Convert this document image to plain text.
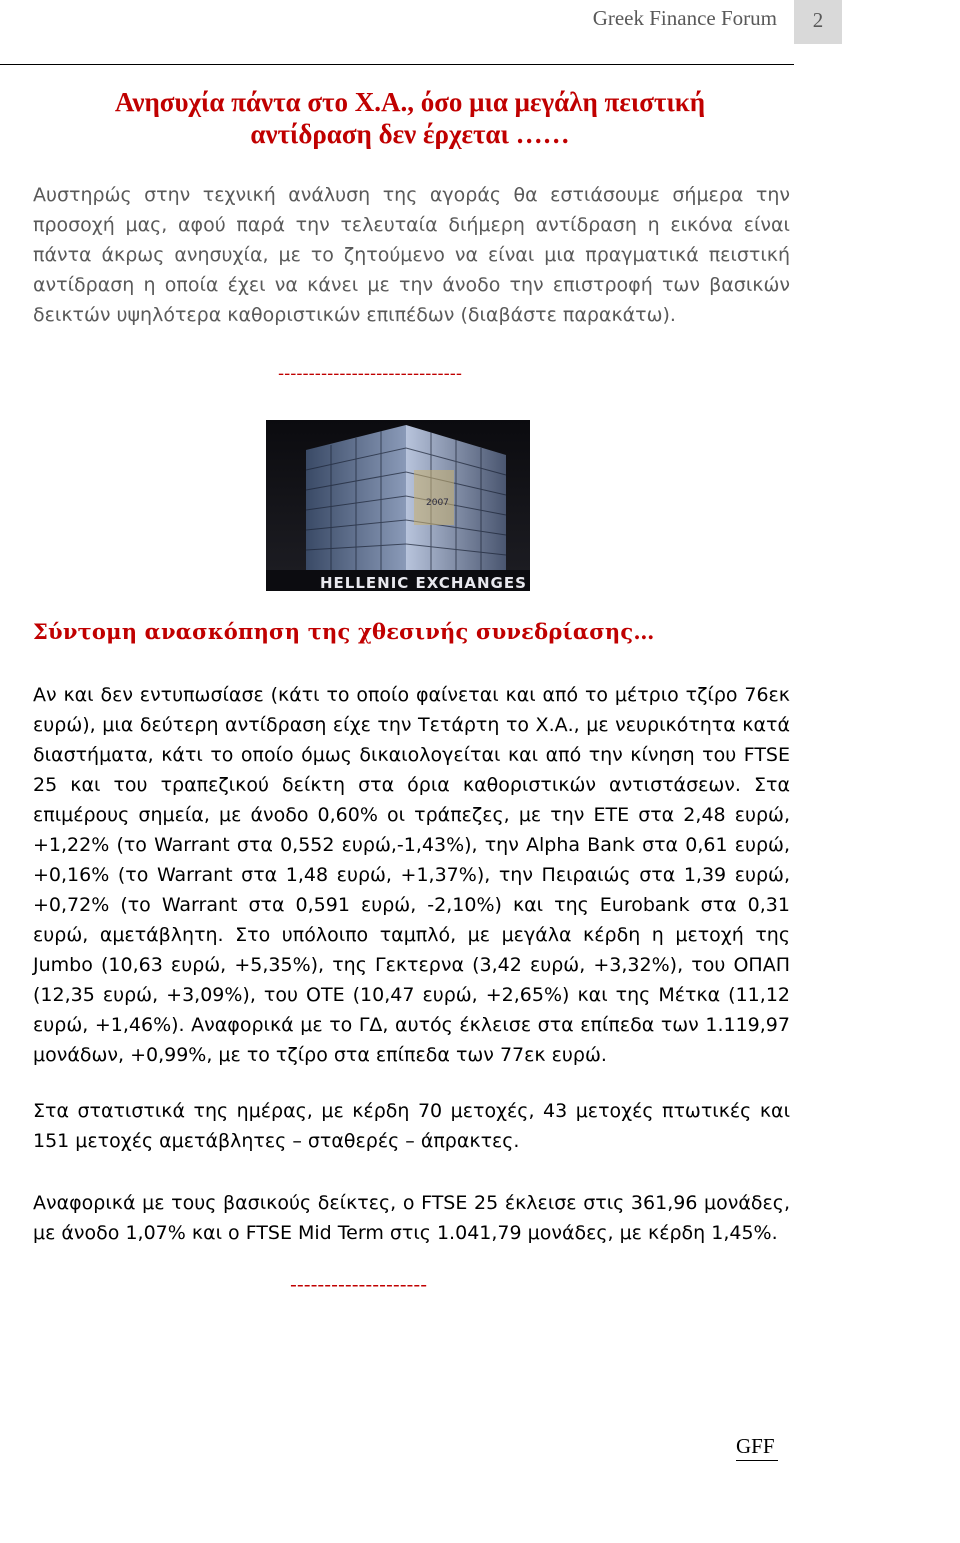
Greek Finance Forum	2
Ανησυχία πάντα στο Χ.Α., όσο μια μεγάλη πειστική
αντίδραση δεν έρχεται ……
Αυστηρώς στην τεχνική ανάλυση της αγοράς θα εστιάσουμε σήμερα την προσοχή μας, αφού παρά την τελευταία διήμερη αντίδραση η εικόνα είναι πάντα άκρως ανησυχία, με το ζητούμενο να είναι μια πραγματικά πειστική αντίδραση η οποία έχει να κάνει με την άνοδο την επιστροφή των βασικών δεικτών υψηλότερα καθοριστικών επιπέδων (διαβάστε παρακάτω).
------------------------------
2007
HELLENIC EXCHANGES
Σύντομη ανασκόπηση της χθεσινής συνεδρίασης…
Αν και δεν εντυπωσίασε (κάτι το οποίο φαίνεται και από το μέτριο τζίρο 76εκ ευρώ), μια δεύτερη αντίδραση είχε την Τετάρτη το Χ.Α., με νευρικότητα κατά διαστήματα, κάτι το οποίο όμως δικαιολογείται και από την κίνηση του FTSE 25 και του τραπεζικού δείκτη στα όρια καθοριστικών αντιστάσεων. Στα επιμέρους σημεία, με άνοδο 0,60% οι τράπεζες, με την ΕΤΕ στα 2,48 ευρώ, +1,22% (το Warrant στα 0,552 ευρώ,-1,43%), την Alpha Bank στα 0,61 ευρώ, +0,16% (το Warrant στα 1,48 ευρώ, +1,37%), την Πειραιώς στα 1,39 ευρώ, +0,72% (το Warrant στα 0,591 ευρώ, -2,10%) και της Eurobank στα 0,31 ευρώ, αμετάβλητη. Στο υπόλοιπο ταμπλό, με μεγάλα κέρδη η μετοχή της Jumbo (10,63 ευρώ, +5,35%), της Γεκτερνα (3,42 ευρώ, +3,32%), του ΟΠΑΠ (12,35 ευρώ, +3,09%), του ΟΤΕ (10,47 ευρώ, +2,65%) και της Μέτκα (11,12 ευρώ, +1,46%). Αναφορικά με το ΓΔ, αυτός έκλεισε στα επίπεδα των 1.119,97 μονάδων, +0,99%, με το τζίρο στα επίπεδα των 77εκ ευρώ.
Στα στατιστικά της ημέρας, με κέρδη 70 μετοχές, 43 μετοχές πτωτικές και 151 μετοχές αμετάβλητες – σταθερές – άπρακτες.
Αναφορικά με τους βασικούς δείκτες, ο FTSE 25 έκλεισε στις 361,96 μονάδες, με άνοδο 1,07% και ο FTSE Mid Term στις 1.041,79 μονάδες, με κέρδη 1,45%.
--------------------
GFF
